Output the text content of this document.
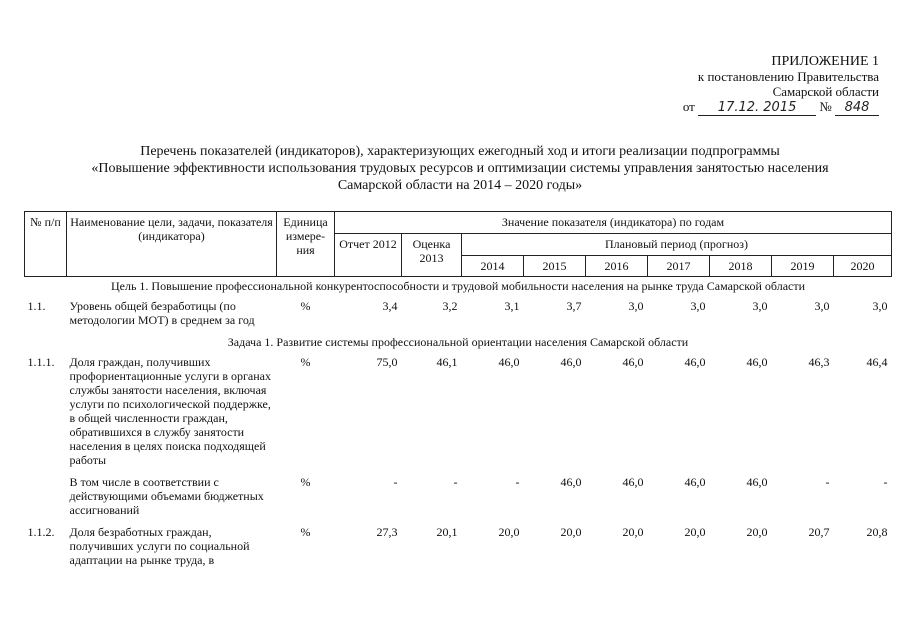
ПРИЛОЖЕНИЕ 1
к постановлению Правительства
Самарской области
от 17.12. 2015 № 848
Перечень показателей (индикаторов), характеризующих ежегодный ход и итоги реализации подпрограммы
«Повышение эффективности использования трудовых ресурсов и оптимизации системы управления занятостью населения
Самарской области на 2014 – 2020 годы»
№ п/п	Наименование цели, задачи, показателя (индикатора)	Единица измере-ния	Значение показателя (индикатора) по годам								
			Отчет 2012	Оценка 2013	Плановый период (прогноз)						
					2014	2015	2016	2017	2018	2019	2020
Цель 1. Повышение профессиональной конкурентоспособности и трудовой мобильности населения на рынке труда Самарской области											
1.1.	Уровень общей безработицы (по методологии МОТ) в среднем за год	%	3,4	3,2	3,1	3,7	3,0	3,0	3,0	3,0	3,0
Задача 1. Развитие системы профессиональной ориентации населения Самарской области											
1.1.1.	Доля граждан, получивших профориентационные услуги в органах службы занятости населения, включая услуги по психологической поддержке, в общей численности граждан, обратившихся в службу занятости населения в целях поиска подходящей работы	%	75,0	46,1	46,0	46,0	46,0	46,0	46,0	46,3	46,4
	В том числе в соответствии с действующими объемами бюджетных ассигнований	%	-	-	-	46,0	46,0	46,0	46,0	-	-
1.1.2.	Доля безработных граждан, получивших услуги по социальной адаптации на рынке труда, в	%	27,3	20,1	20,0	20,0	20,0	20,0	20,0	20,7	20,8
